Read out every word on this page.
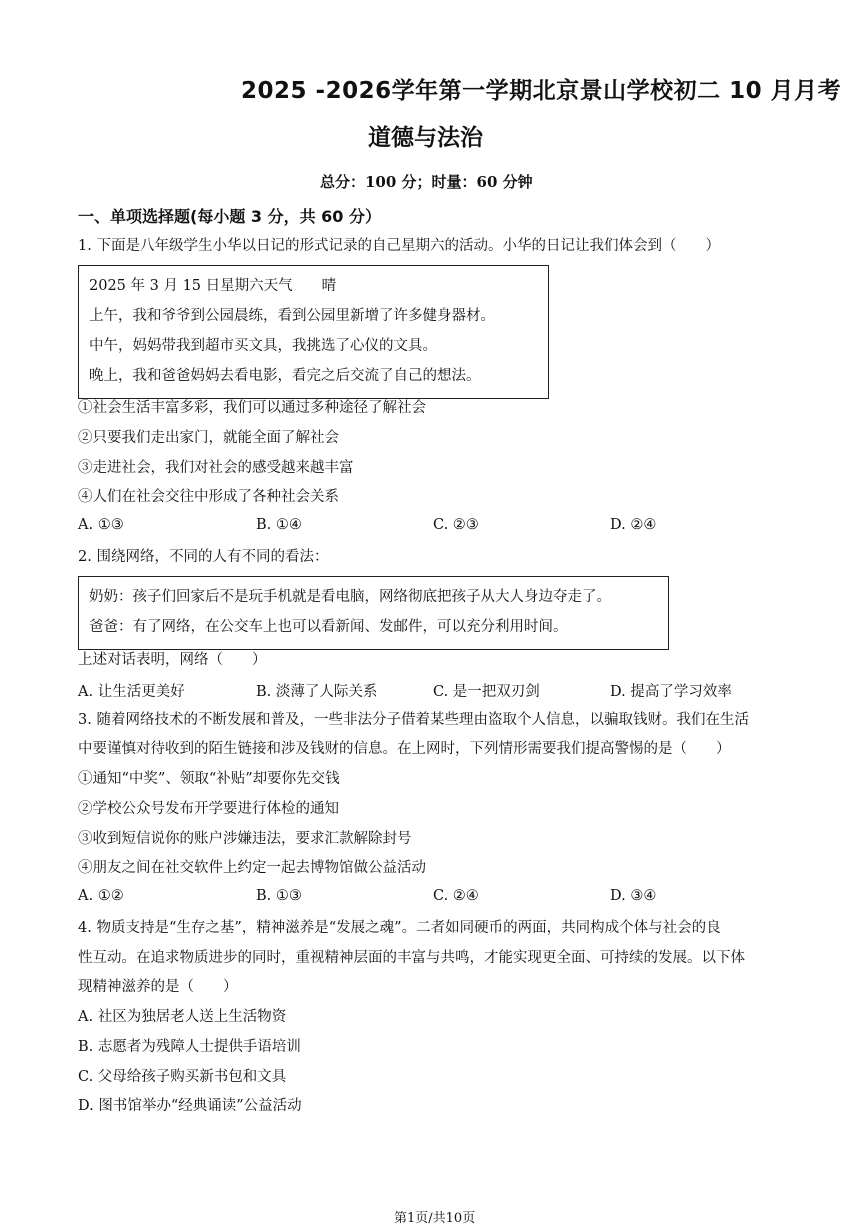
2025 -2026学年第一学期北京景山学校初二 10 月月考
道德与法治
总分：100 分；时量：60 分钟
一、单项选择题(每小题 3 分，共 60 分）
1. 下面是八年级学生小华以日记的形式记录的自己星期六的活动。小华的日记让我们体会到（　　）
2025 年 3 月 15 日星期六天气　　晴
上午，我和爷爷到公园晨练，看到公园里新增了许多健身器材。
中午，妈妈带我到超市买文具，我挑选了心仪的文具。
晚上，我和爸爸妈妈去看电影，看完之后交流了自己的想法。
①社会生活丰富多彩，我们可以通过多种途径了解社会
②只要我们走出家门，就能全面了解社会
③走进社会，我们对社会的感受越来越丰富
④人们在社会交往中形成了各种社会关系
A. ①③	B. ①④	C. ②③	D. ②④
2. 围绕网络，不同的人有不同的看法：
奶奶：孩子们回家后不是玩手机就是看电脑，网络彻底把孩子从大人身边夺走了。
爸爸：有了网络，在公交车上也可以看新闻、发邮件，可以充分利用时间。
上述对话表明，网络（　　）
A. 让生活更美好	B. 淡薄了人际关系	C. 是一把双刃剑	D. 提高了学习效率
3. 随着网络技术的不断发展和普及，一些非法分子借着某些理由盗取个人信息，以骗取钱财。我们在生活
中要谨慎对待收到的陌生链接和涉及钱财的信息。在上网时，下列情形需要我们提高警惕的是（　　）
①通知“中奖”、领取“补贴”却要你先交钱
②学校公众号发布开学要进行体检的通知
③收到短信说你的账户涉嫌违法，要求汇款解除封号
④朋友之间在社交软件上约定一起去博物馆做公益活动
A. ①②	B. ①③	C. ②④	D. ③④
4. 物质支持是“生存之基”，精神滋养是“发展之魂”。二者如同硬币的两面，共同构成个体与社会的良
性互动。在追求物质进步的同时，重视精神层面的丰富与共鸣，才能实现更全面、可持续的发展。以下体
现精神滋养的是（　　）
A. 社区为独居老人送上生活物资
B. 志愿者为残障人士提供手语培训
C. 父母给孩子购买新书包和文具
D. 图书馆举办“经典诵读”公益活动
第1页/共10页
